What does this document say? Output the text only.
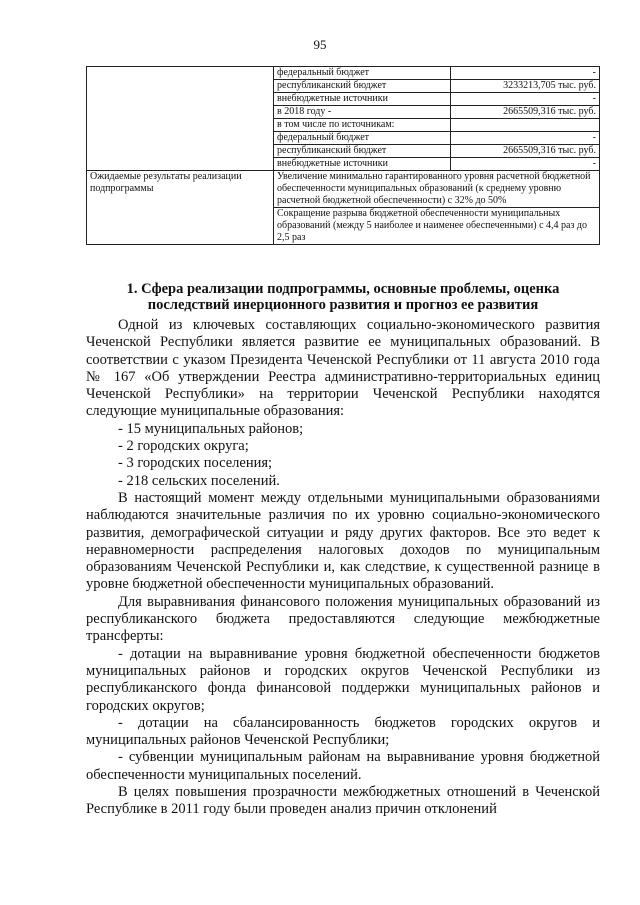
95
	федеральный бюджет	-
	республиканский бюджет	3233213,705 тыс. руб.
	внебюджетные источники	-
	в 2018 году -	2665509,316 тыс. руб.
	в том числе по источникам:	
	федеральный бюджет	-
	республиканский бюджет	2665509,316 тыс. руб.
	внебюджетные источники	-
Ожидаемые результаты реализации подпрограммы	Увеличение минимально гарантированного уровня расчетной бюджетной обеспеченности муниципальных образований (к среднему уровню расчетной бюджетной обеспеченности) с 32% до 50%	
	Сокращение разрыва бюджетной обеспеченности муниципальных образований (между 5 наиболее и наименее обеспеченными) с 4,4 раз до 2,5 раз	
1. Сфера реализации подпрограммы, основные проблемы, оценка
последствий инерционного развития и прогноз ее развития

Одной из ключевых составляющих социально-экономического развития Чеченской Республики является развитие ее муниципальных образований. В соответствии с указом Президента Чеченской Республики от 11 августа 2010 года № 167 «Об утверждении Реестра административно-территориальных единиц Чеченской Республики» на территории Чеченской Республики находятся следующие муниципальные образования:

- 15 муниципальных районов;

- 2 городских округа;

- 3 городских поселения;

- 218 сельских поселений.

В настоящий момент между отдельными муниципальными образованиями наблюдаются значительные различия по их уровню социально-экономического развития, демографической ситуации и ряду других факторов. Все это ведет к неравномерности распределения налоговых доходов по муниципальным образованиям Чеченской Республики и, как следствие, к существенной разнице в уровне бюджетной обеспеченности муниципальных образований.

Для выравнивания финансового положения муниципальных образований из республиканского бюджета предоставляются следующие межбюджетные трансферты:

- дотации на выравнивание уровня бюджетной обеспеченности бюджетов муниципальных районов и городских округов Чеченской Республики из республиканского фонда финансовой поддержки муниципальных районов и городских округов;

- дотации на сбалансированность бюджетов городских округов и муниципальных районов Чеченской Республики;

- субвенции муниципальным районам на выравнивание уровня бюджетной обеспеченности муниципальных поселений.

В целях повышения прозрачности межбюджетных отношений в Чеченской Республике в 2011 году были проведен анализ причин отклонений
